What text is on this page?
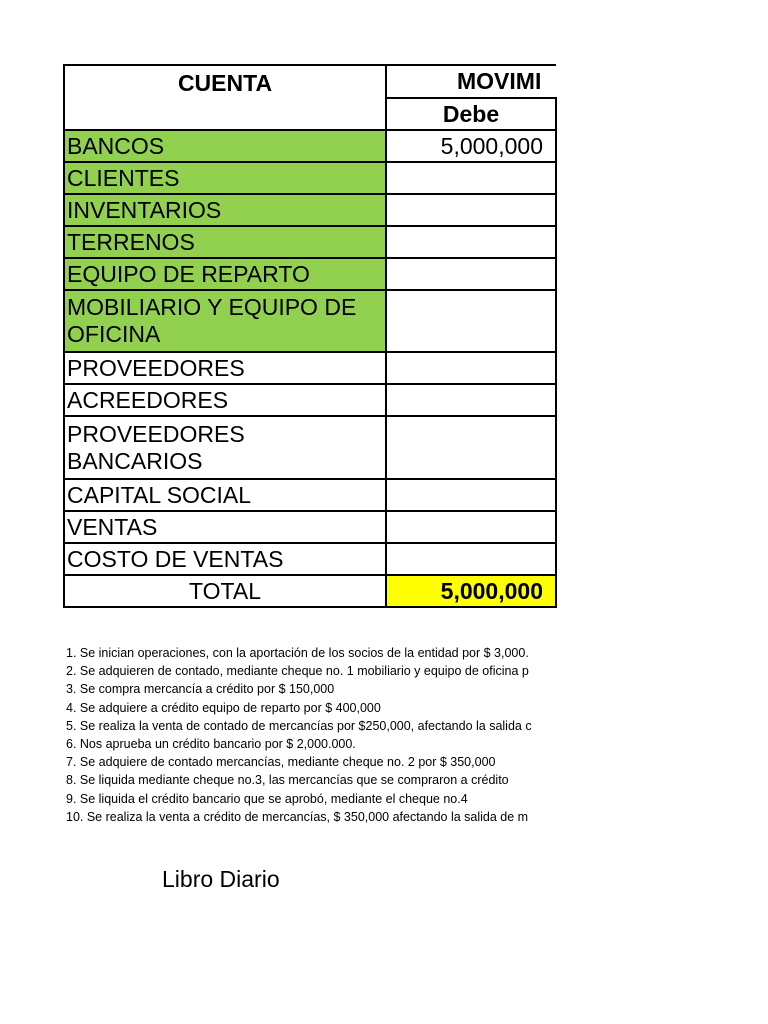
CUENTA	MOVIMI
	Debe
BANCOS	5,000,000
CLIENTES	
INVENTARIOS	
TERRENOS	
EQUIPO DE REPARTO	
MOBILIARIO Y EQUIPO DE OFICINA	
PROVEEDORES	
ACREEDORES	
PROVEEDORES BANCARIOS	
CAPITAL SOCIAL	
VENTAS	
COSTO DE VENTAS	
TOTAL	5,000,000
1. Se inician operaciones, con la aportación de los socios de la entidad por $ 3,000.
2. Se adquieren de contado, mediante cheque no. 1 mobiliario y equipo de oficina p
3. Se compra mercancía a crédito por $ 150,000
4. Se adquiere a crédito equipo de reparto por $ 400,000
5. Se realiza la venta de contado de mercancías por $250,000, afectando la salida c
6. Nos aprueba un crédito bancario por $ 2,000.000.
7. Se adquiere de contado mercancías, mediante cheque no. 2 por $ 350,000
8. Se liquida mediante cheque no.3, las mercancías que se compraron a crédito
9. Se liquida el crédito bancario que se aprobó, mediante el cheque no.4
10. Se realiza la venta a crédito de mercancías, $ 350,000 afectando la salida de m
Libro Diario
